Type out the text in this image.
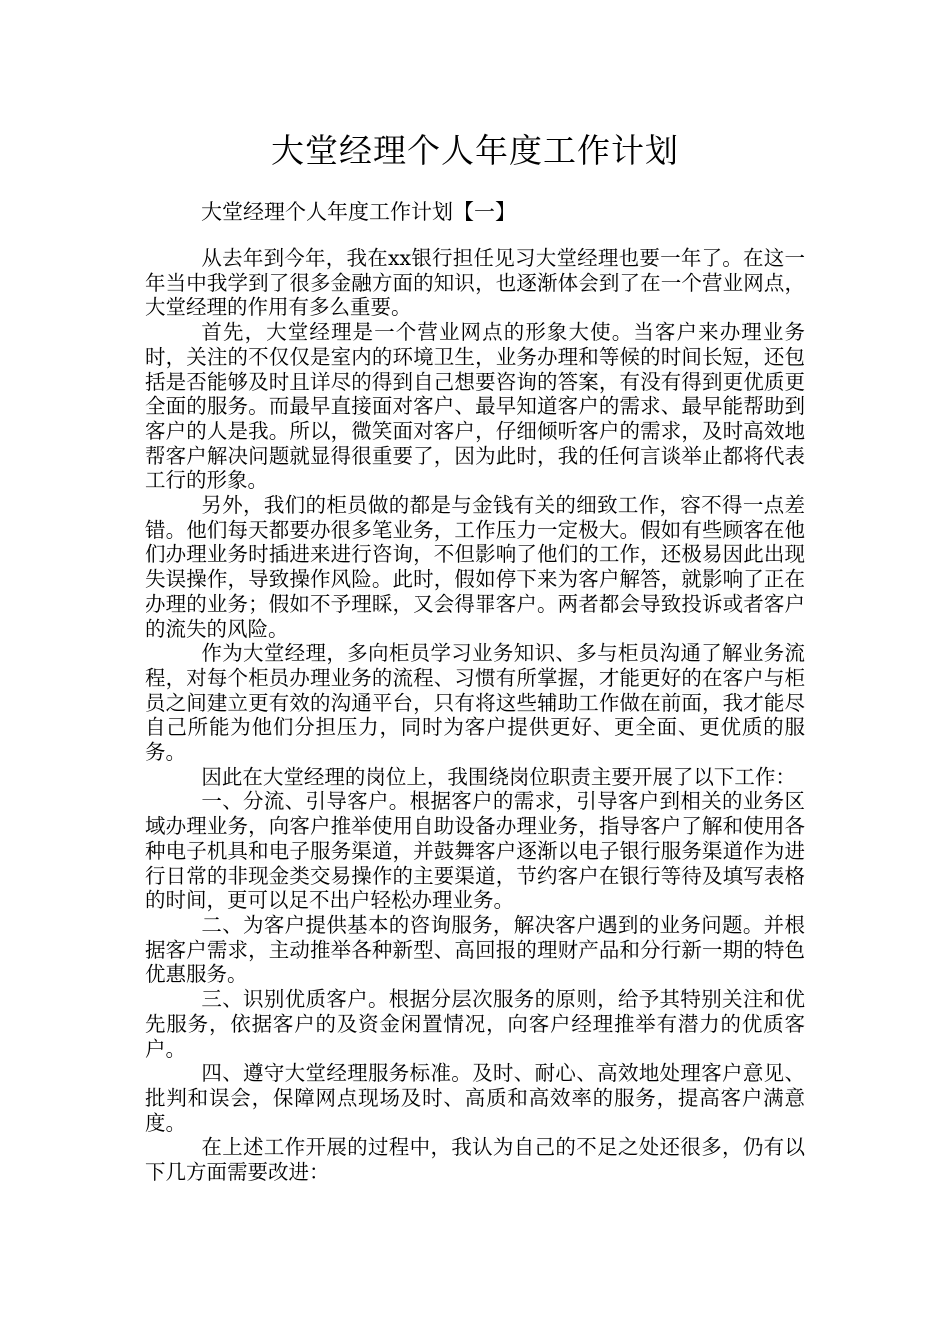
大堂经理个人年度工作计划
大堂经理个人年度工作计划【一】

从去年到今年，我在xx银行担任见习大堂经理也要一年了。在这一年当中我学到了很多金融方面的知识，也逐渐体会到了在一个营业网点，大堂经理的作用有多么重要。

首先，大堂经理是一个营业网点的形象大使。当客户来办理业务时，关注的不仅仅是室内的环境卫生，业务办理和等候的时间长短，还包括是否能够及时且详尽的得到自己想要咨询的答案，有没有得到更优质更全面的服务。而最早直接面对客户、最早知道客户的需求、最早能帮助到客户的人是我。所以，微笑面对客户，仔细倾听客户的需求，及时高效地帮客户解决问题就显得很重要了，因为此时，我的任何言谈举止都将代表工行的形象。

另外，我们的柜员做的都是与金钱有关的细致工作，容不得一点差错。他们每天都要办很多笔业务，工作压力一定极大。假如有些顾客在他们办理业务时插进来进行咨询，不但影响了他们的工作，还极易因此出现失误操作，导致操作风险。此时，假如停下来为客户解答，就影响了正在办理的业务；假如不予理睬，又会得罪客户。两者都会导致投诉或者客户的流失的风险。

作为大堂经理，多向柜员学习业务知识、多与柜员沟通了解业务流程，对每个柜员办理业务的流程、习惯有所掌握，才能更好的在客户与柜员之间建立更有效的沟通平台，只有将这些辅助工作做在前面，我才能尽自己所能为他们分担压力，同时为客户提供更好、更全面、更优质的服务。

因此在大堂经理的岗位上，我围绕岗位职责主要开展了以下工作：

一、分流、引导客户。根据客户的需求，引导客户到相关的业务区域办理业务，向客户推举使用自助设备办理业务，指导客户了解和使用各种电子机具和电子服务渠道，并鼓舞客户逐渐以电子银行服务渠道作为进行日常的非现金类交易操作的主要渠道，节约客户在银行等待及填写表格的时间，更可以足不出户轻松办理业务。

二、为客户提供基本的咨询服务，解决客户遇到的业务问题。并根据客户需求，主动推举各种新型、高回报的理财产品和分行新一期的特色优惠服务。

三、识别优质客户。根据分层次服务的原则，给予其特别关注和优先服务，依据客户的及资金闲置情况，向客户经理推举有潜力的优质客户。

四、遵守大堂经理服务标准。及时、耐心、高效地处理客户意见、批判和误会，保障网点现场及时、高质和高效率的服务，提高客户满意度。

在上述工作开展的过程中，我认为自己的不足之处还很多，仍有以下几方面需要改进：
